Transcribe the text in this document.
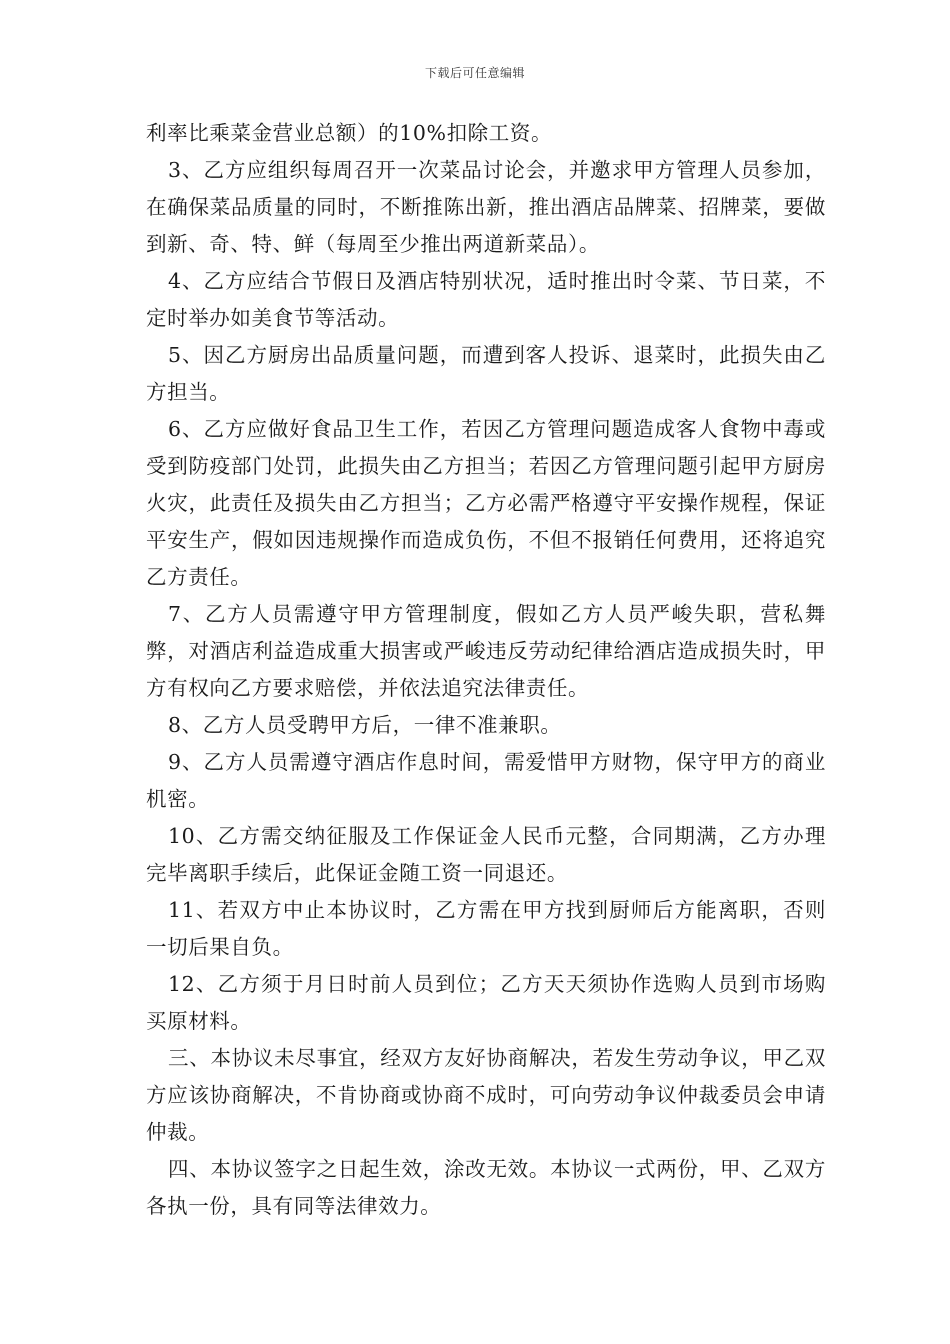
下载后可任意编辑

利率比乘菜金营业总额）的10%扣除工资。

3、乙方应组织每周召开一次菜品讨论会，并邀求甲方管理人员参加，在确保菜品质量的同时，不断推陈出新，推出酒店品牌菜、招牌菜，要做到新、奇、特、鲜（每周至少推出两道新菜品）。

4、乙方应结合节假日及酒店特别状况，适时推出时令菜、节日菜，不定时举办如美食节等活动。

5、因乙方厨房出品质量问题，而遭到客人投诉、退菜时，此损失由乙方担当。

6、乙方应做好食品卫生工作，若因乙方管理问题造成客人食物中毒或受到防疫部门处罚，此损失由乙方担当；若因乙方管理问题引起甲方厨房火灾，此责任及损失由乙方担当；乙方必需严格遵守平安操作规程，保证平安生产，假如因违规操作而造成负伤，不但不报销任何费用，还将追究乙方责任。

7、乙方人员需遵守甲方管理制度，假如乙方人员严峻失职，营私舞弊，对酒店利益造成重大损害或严峻违反劳动纪律给酒店造成损失时，甲方有权向乙方要求赔偿，并依法追究法律责任。

8、乙方人员受聘甲方后，一律不准兼职。

9、乙方人员需遵守酒店作息时间，需爱惜甲方财物，保守甲方的商业机密。

10、乙方需交纳征服及工作保证金人民币元整，合同期满，乙方办理完毕离职手续后，此保证金随工资一同退还。

11、若双方中止本协议时，乙方需在甲方找到厨师后方能离职，否则一切后果自负。

12、乙方须于月日时前人员到位；乙方天天须协作选购人员到市场购买原材料。

三、本协议未尽事宜，经双方友好协商解决，若发生劳动争议，甲乙双方应该协商解决，不肯协商或协商不成时，可向劳动争议仲裁委员会申请仲裁。

四、本协议签字之日起生效，涂改无效。本协议一式两份，甲、乙双方各执一份，具有同等法律效力。
